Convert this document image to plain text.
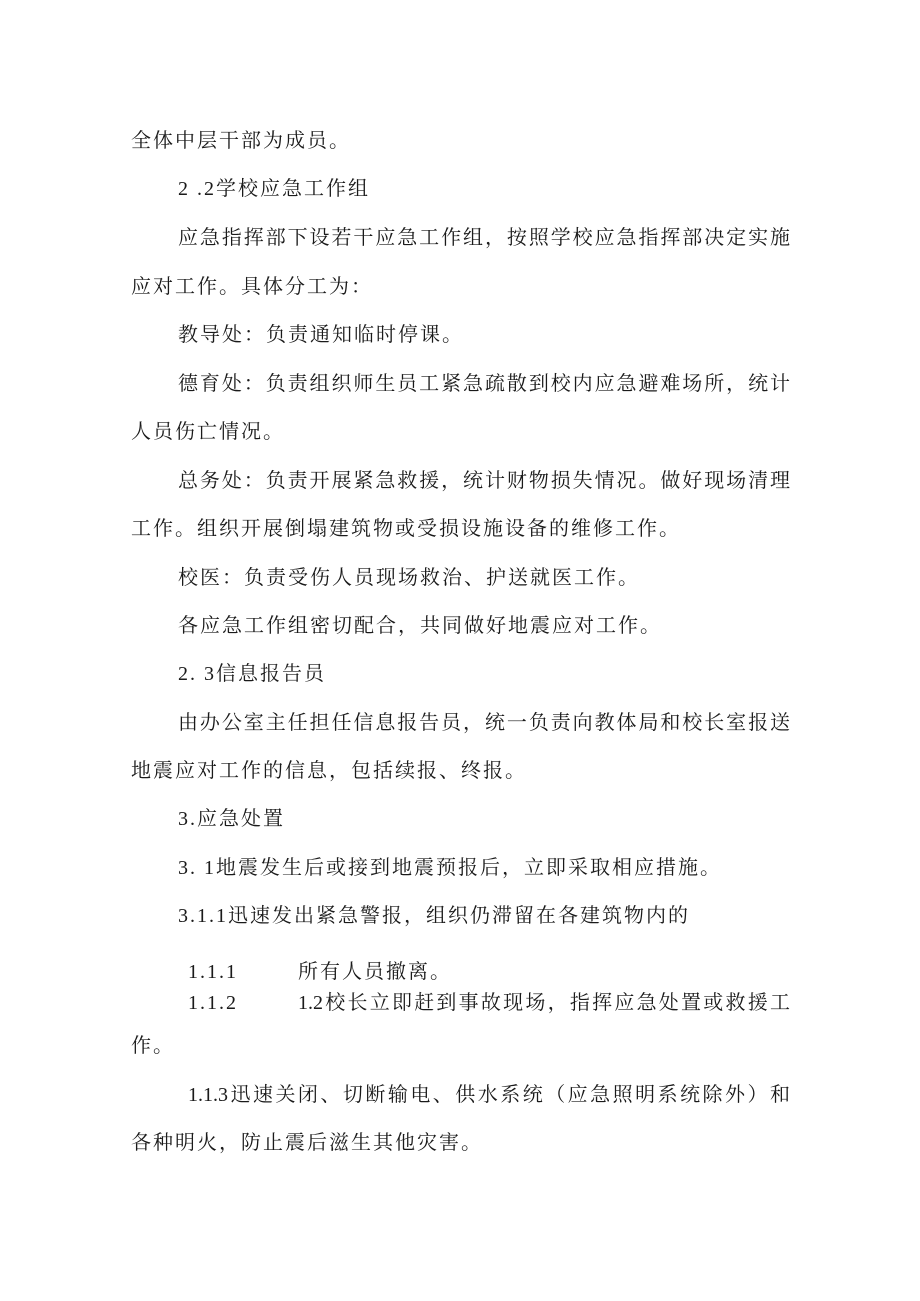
全体中层干部为成员。
2 .2学校应急工作组
应急指挥部下设若干应急工作组，按照学校应急指挥部决定实施
应对工作。具体分工为：
教导处：负责通知临时停课。
德育处：负责组织师生员工紧急疏散到校内应急避难场所，统计
人员伤亡情况。
总务处：负责开展紧急救援，统计财物损失情况。做好现场清理
工作。组织开展倒塌建筑物或受损设施设备的维修工作。
校医：负责受伤人员现场救治、护送就医工作。
各应急工作组密切配合，共同做好地震应对工作。
2. 3信息报告员
由办公室主任担任信息报告员，统一负责向教体局和校长室报送
地震应对工作的信息，包括续报、终报。
3.应急处置
3. 1地震发生后或接到地震预报后，立即采取相应措施。
3.1.1迅速发出紧急警报，组织仍滞留在各建筑物内的
1.1.1	所有人员撤离。
1.1.2	1.2校长立即赶到事故现场，指挥应急处置或救援工
作。
1.1.3迅速关闭、切断输电、供水系统（应急照明系统除外）和
各种明火，防止震后滋生其他灾害。
